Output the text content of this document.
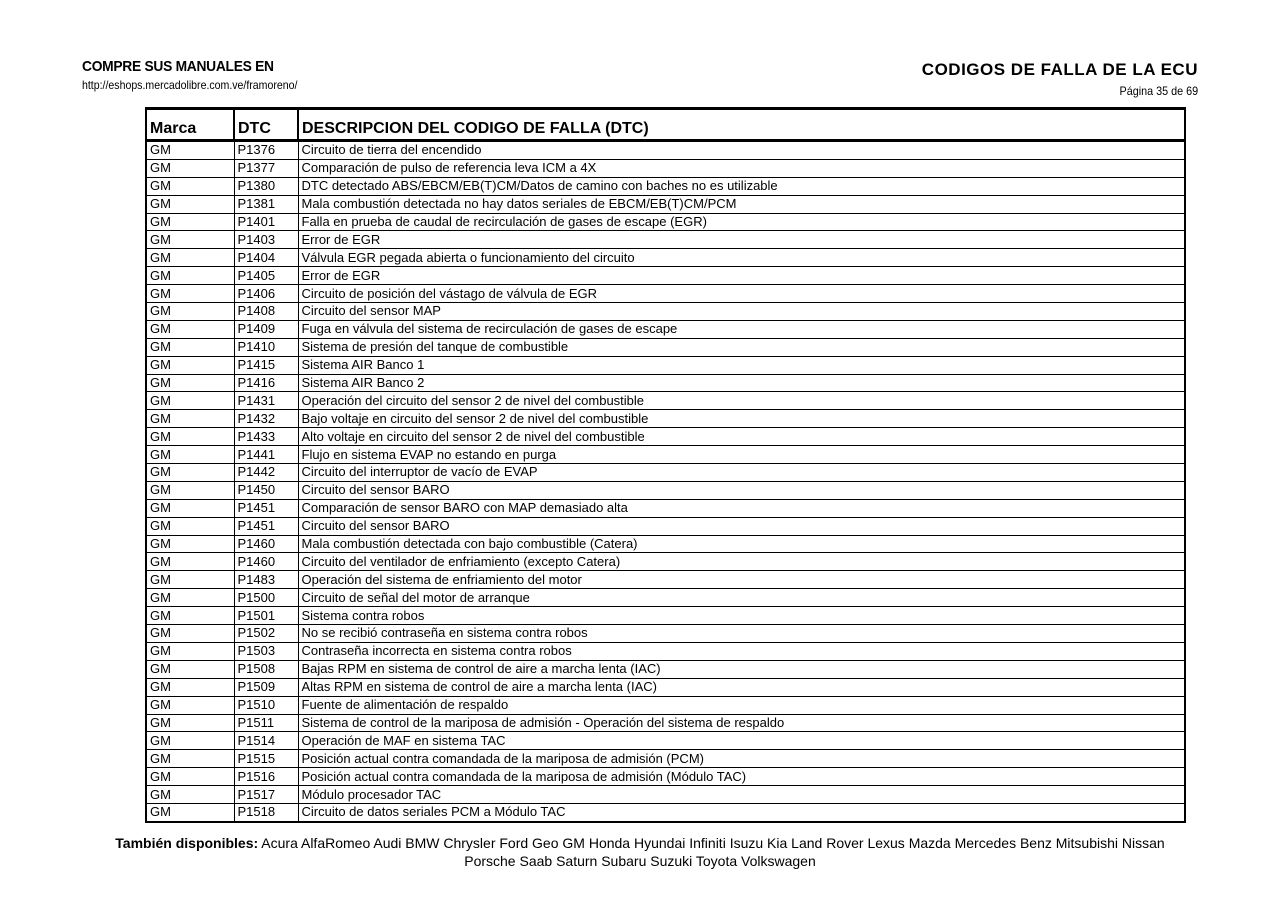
COMPRE SUS MANUALES EN
http://eshops.mercadolibre.com.ve/framoreno/
CODIGOS DE FALLA DE LA ECU
Página 35 de 69
Marca	DTC	DESCRIPCION DEL CODIGO DE FALLA (DTC)
GM	P1376	Circuito de tierra del encendido
GM	P1377	Comparación de pulso de referencia leva ICM a 4X
GM	P1380	DTC detectado ABS/EBCM/EB(T)CM/Datos de camino con baches no es utilizable
GM	P1381	Mala combustión detectada no hay datos seriales de EBCM/EB(T)CM/PCM
GM	P1401	Falla en prueba de caudal de recirculación de gases de escape (EGR)
GM	P1403	Error de EGR
GM	P1404	Válvula EGR pegada abierta o funcionamiento del circuito
GM	P1405	Error de EGR
GM	P1406	Circuito de posición del vástago de válvula de EGR
GM	P1408	Circuito del sensor MAP
GM	P1409	Fuga en válvula del sistema de recirculación de gases de escape
GM	P1410	Sistema de presión del tanque de combustible
GM	P1415	Sistema AIR Banco 1
GM	P1416	Sistema AIR Banco 2
GM	P1431	Operación del circuito del sensor 2 de nivel del combustible
GM	P1432	Bajo voltaje en circuito del sensor 2 de nivel del combustible
GM	P1433	Alto voltaje en circuito del sensor 2 de nivel del combustible
GM	P1441	Flujo en sistema EVAP no estando en purga
GM	P1442	Circuito del interruptor de vacío de EVAP
GM	P1450	Circuito del sensor BARO
GM	P1451	Comparación de sensor BARO con MAP demasiado alta
GM	P1451	Circuito del sensor BARO
GM	P1460	Mala combustión detectada con bajo combustible (Catera)
GM	P1460	Circuito del ventilador de enfriamiento (excepto Catera)
GM	P1483	Operación del sistema de enfriamiento del motor
GM	P1500	Circuito de señal del motor de arranque
GM	P1501	Sistema contra robos
GM	P1502	No se recibió contraseña en sistema contra robos
GM	P1503	Contraseña incorrecta en sistema contra robos
GM	P1508	Bajas RPM en sistema de control de aire a marcha lenta (IAC)
GM	P1509	Altas RPM en sistema de control de aire a marcha lenta (IAC)
GM	P1510	Fuente de alimentación de respaldo
GM	P1511	Sistema de control de la mariposa de admisión - Operación del sistema de respaldo
GM	P1514	Operación de MAF en sistema TAC
GM	P1515	Posición actual contra comandada de la mariposa de admisión (PCM)
GM	P1516	Posición actual contra comandada de la mariposa de admisión (Módulo TAC)
GM	P1517	Módulo procesador TAC
GM	P1518	Circuito de datos seriales PCM a Módulo TAC
También disponibles: Acura AlfaRomeo Audi BMW Chrysler Ford Geo GM Honda Hyundai Infiniti Isuzu Kia Land Rover Lexus Mazda Mercedes Benz Mitsubishi Nissan Porsche Saab Saturn Subaru Suzuki Toyota Volkswagen
